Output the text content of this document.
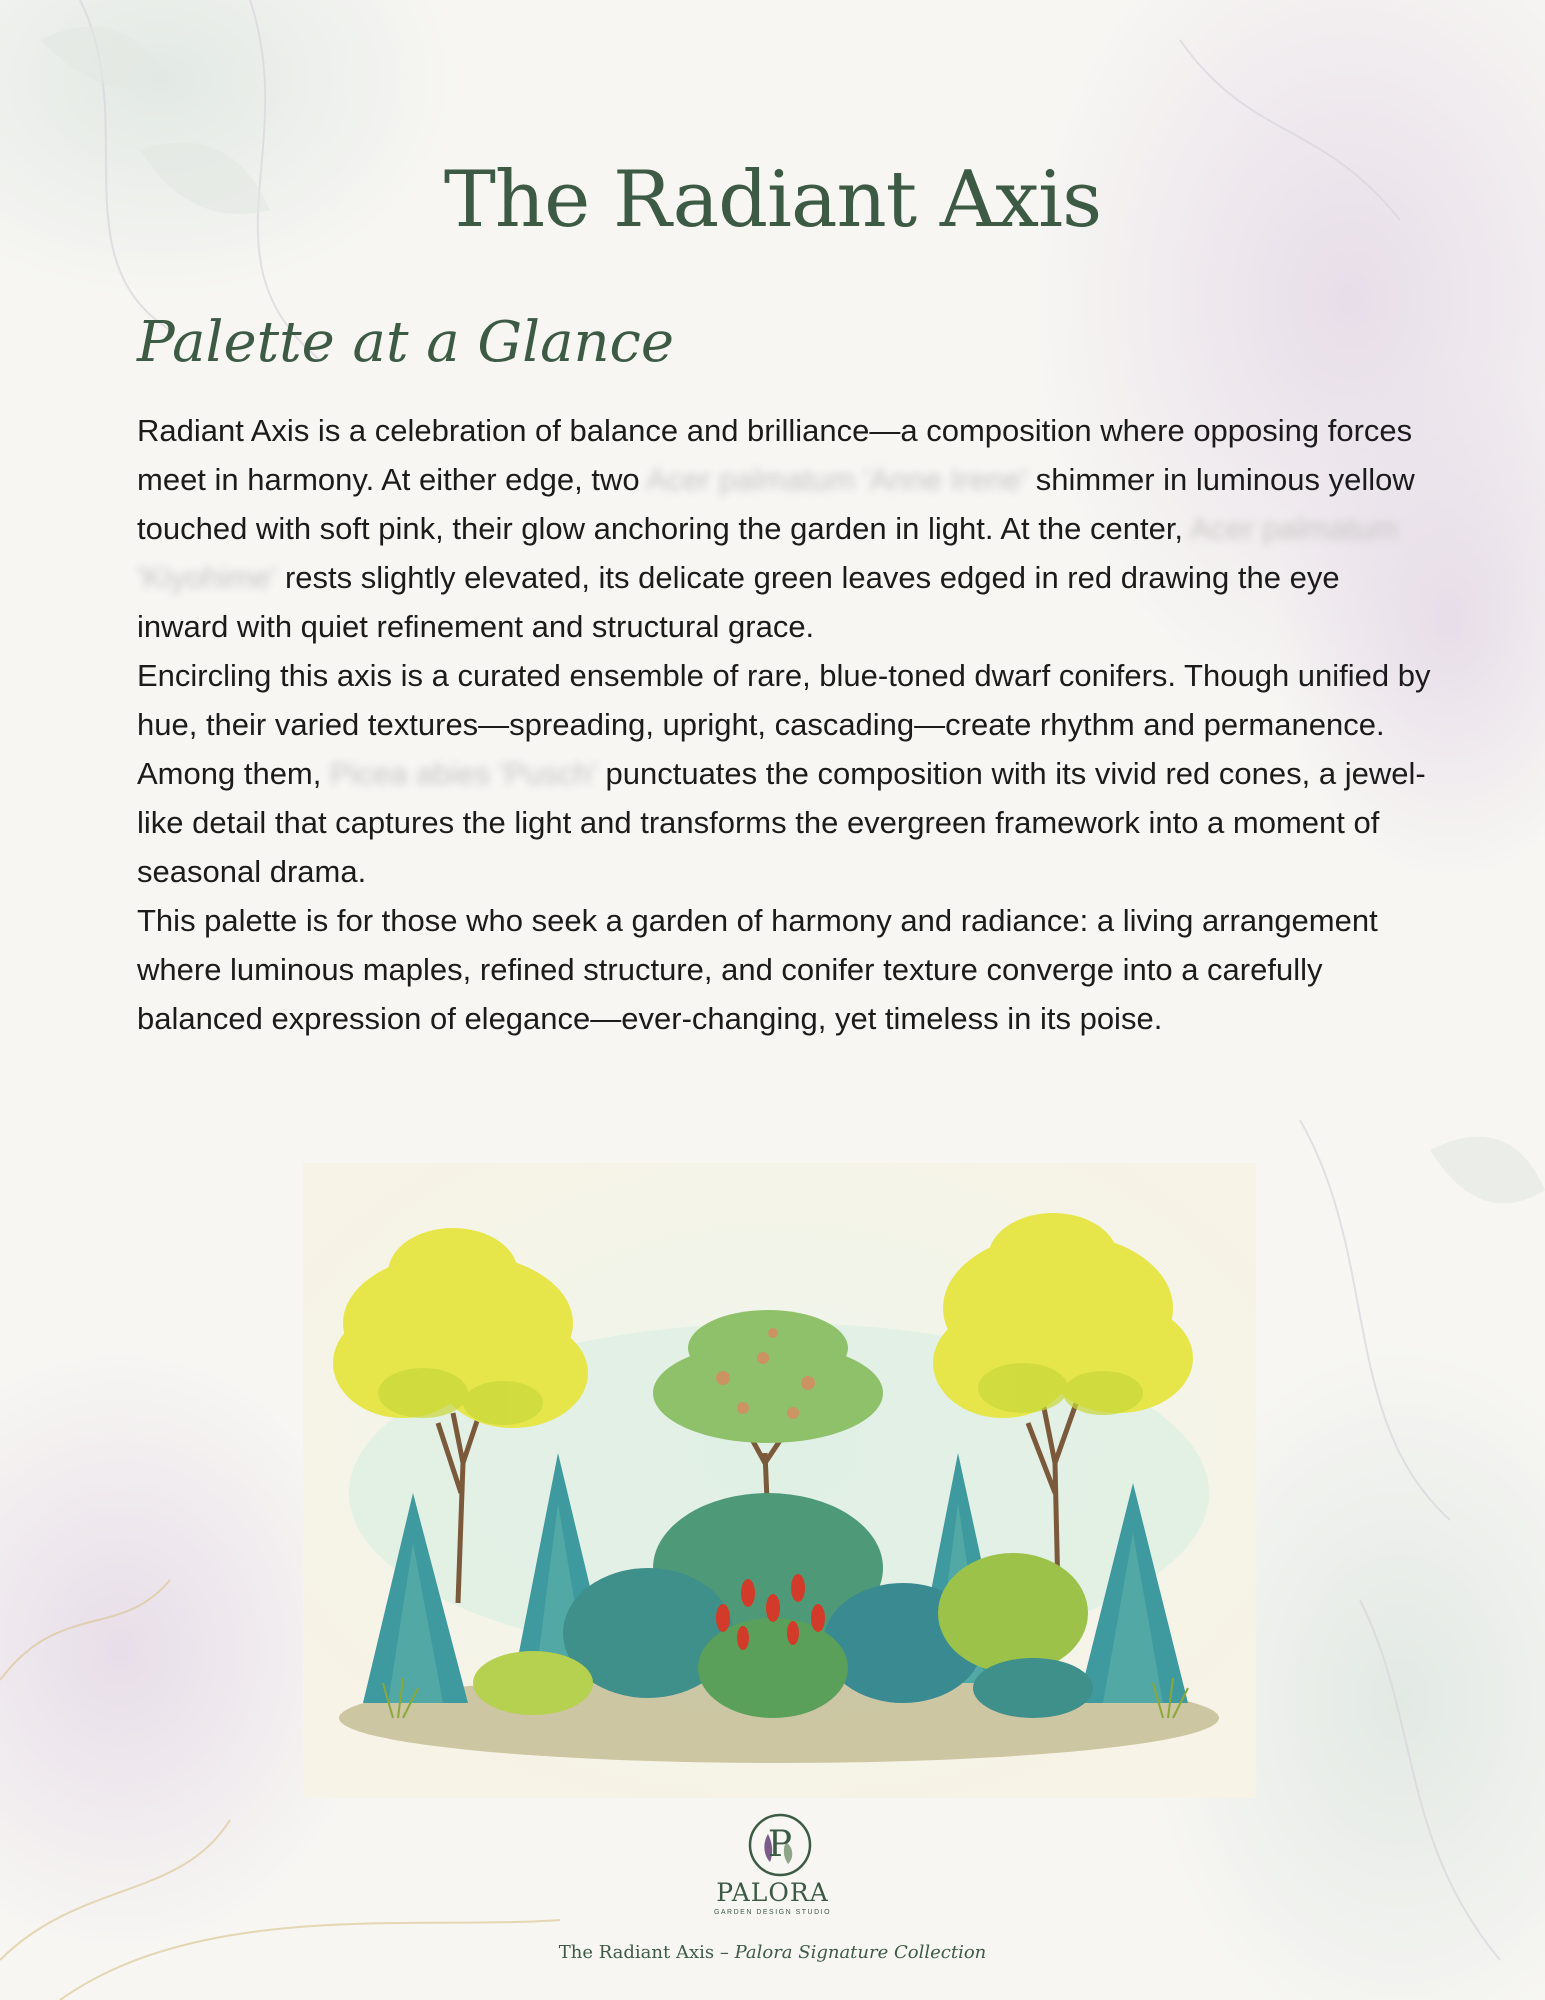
The Radiant Axis
Palette at a Glance

Radiant Axis is a celebration of balance and brilliance—a composition where opposing forces meet in harmony. At either edge, two Acer palmatum 'Anne Irene' shimmer in luminous yellow touched with soft pink, their glow anchoring the garden in light. At the center, Acer palmatum 'Kiyohime' rests slightly elevated, its delicate green leaves edged in red drawing the eye inward with quiet refinement and structural grace.

Encircling this axis is a curated ensemble of rare, blue-toned dwarf conifers. Though unified by hue, their varied textures—spreading, upright, cascading—create rhythm and permanence. Among them, Picea abies 'Pusch' punctuates the composition with its vivid red cones, a jewel-like detail that captures the light and transforms the evergreen framework into a moment of seasonal drama.

This palette is for those who seek a garden of harmony and radiance: a living arrangement where luminous maples, refined structure, and conifer texture converge into a carefully balanced expression of elegance—ever-changing, yet timeless in its poise.

P
PALORA
GARDEN DESIGN STUDIO
The Radiant Axis – Palora Signature Collection
